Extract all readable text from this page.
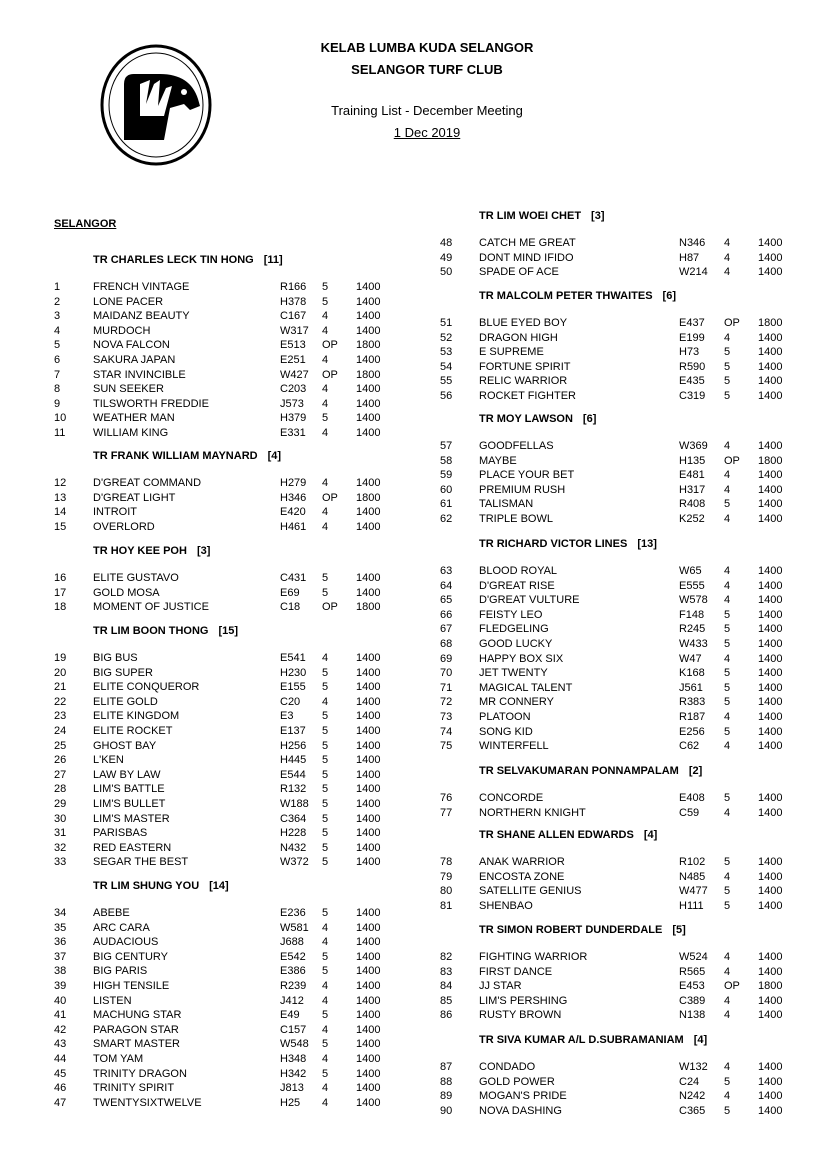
KELAB LUMBA KUDA SELANGOR
SELANGOR TURF CLUB
Training List - December Meeting
1 Dec 2019
SELANGOR
TR CHARLES LECK TIN HONG [11]
1	FRENCH VINTAGE	R166 5	1400
2	LONE PACER	H378 5	1400
3	MAIDANZ BEAUTY	C167 4	1400
4	MURDOCH	W317 4	1400
5	NOVA FALCON	E513 OP 1800
6	SAKURA JAPAN	E251 4	1400
7	STAR INVINCIBLE	W427 OP 1800
8	SUN SEEKER	C203 4	1400
9	TILSWORTH FREDDIE	J573 4	1400
10 WEATHER MAN	H379 5	1400
11	WILLIAM KING	E331 4	1400
TR FRANK WILLIAM MAYNARD [4]
12 D'GREAT COMMAND	H279 4	1400
13 D'GREAT LIGHT	H346 OP 1800
14 INTROIT	E420 4	1400
15 OVERLORD	H461 4	1400
TR HOY KEE POH [3]
16 ELITE GUSTAVO	C431 5	1400
17 GOLD MOSA	E69 5	1400
18 MOMENT OF JUSTICE	C18 OP 1800
TR LIM BOON THONG [15]
19 BIG BUS	E541 4	1400
20 BIG SUPER	H230 5	1400
21 ELITE CONQUEROR	E155 5	1400
22 ELITE GOLD	C20 4	1400
23 ELITE KINGDOM	E3	5	1400
24 ELITE ROCKET	E137 5	1400
25 GHOST BAY	H256 5	1400
26 L'KEN	H445 5	1400
27 LAW BY LAW	E544 5	1400
28 LIM'S BATTLE	R132 5	1400
29 LIM'S BULLET	W188 5	1400
30 LIM'S MASTER	C364 5	1400
31 PARISBAS	H228 5	1400
32 RED EASTERN	N432 5	1400
33 SEGAR THE BEST	W372 5	1400
TR LIM SHUNG YOU [14]
34 ABEBE	E236 5	1400
35 ARC CARA	W581 4	1400
36 AUDACIOUS	J688 4	1400
37 BIG CENTURY	E542 5	1400
38 BIG PARIS	E386 5	1400
39 HIGH TENSILE	R239 4	1400
40 LISTEN	J412 4	1400
41 MACHUNG STAR	E49 5	1400
42 PARAGON STAR	C157 4	1400
43 SMART MASTER	W548 5	1400
44 TOM YAM	H348 4	1400
45 TRINITY DRAGON	H342 5	1400
46 TRINITY SPIRIT	J813 4	1400
47 TWENTYSIXTWELVE	H25 4	1400
TR LIM WOEI CHET [3]
48 CATCH ME GREAT	N346 4	1400
49 DONT MIND IFIDO	H87 4	1400
50 SPADE OF ACE	W214 4	1400
TR MALCOLM PETER THWAITES [6]
51 BLUE EYED BOY	E437 OP 1800
52 DRAGON HIGH	E199 4	1400
53 E SUPREME	H73 5	1400
54 FORTUNE SPIRIT	R590 5	1400
55 RELIC WARRIOR	E435 5	1400
56 ROCKET FIGHTER	C319 5	1400
TR MOY LAWSON [6]
57 GOODFELLAS	W369 4	1400
58 MAYBE	H135 OP 1800
59 PLACE YOUR BET	E481 4	1400
60 PREMIUM RUSH	H317 4	1400
61 TALISMAN	R408 5	1400
62 TRIPLE BOWL	K252 4	1400
TR RICHARD VICTOR LINES [13]
63 BLOOD ROYAL	W65 4	1400
64 D'GREAT RISE	E555 4	1400
65 D'GREAT VULTURE	W578 4	1400
66 FEISTY LEO	F148 5	1400
67 FLEDGELING	R245 5	1400
68 GOOD LUCKY	W433 5	1400
69 HAPPY BOX SIX	W47 4	1400
70 JET TWENTY	K168 5	1400
71 MAGICAL TALENT	J561 5	1400
72 MR CONNERY	R383 5	1400
73 PLATOON	R187 4	1400
74 SONG KID	E256 5	1400
75 WINTERFELL	C62 4	1400
TR SELVAKUMARAN PONNAMPALAM [2]
76 CONCORDE	E408 5	1400
77 NORTHERN KNIGHT	C59 4	1400
TR SHANE ALLEN EDWARDS [4]
78 ANAK WARRIOR	R102 5	1400
79 ENCOSTA ZONE	N485 4	1400
80 SATELLITE GENIUS	W477 5	1400
81 SHENBAO	H111 5	1400
TR SIMON ROBERT DUNDERDALE [5]
82 FIGHTING WARRIOR	W524 4	1400
83 FIRST DANCE	R565 4	1400
84 JJ STAR	E453 OP 1800
85 LIM'S PERSHING	C389 4	1400
86 RUSTY BROWN	N138 4	1400
TR SIVA KUMAR A/L D.SUBRAMANIAM [4]
87 CONDADO	W132 4	1400
88 GOLD POWER	C24 5	1400
89 MOGAN'S PRIDE	N242 4	1400
90 NOVA DASHING	C365 5	1400
